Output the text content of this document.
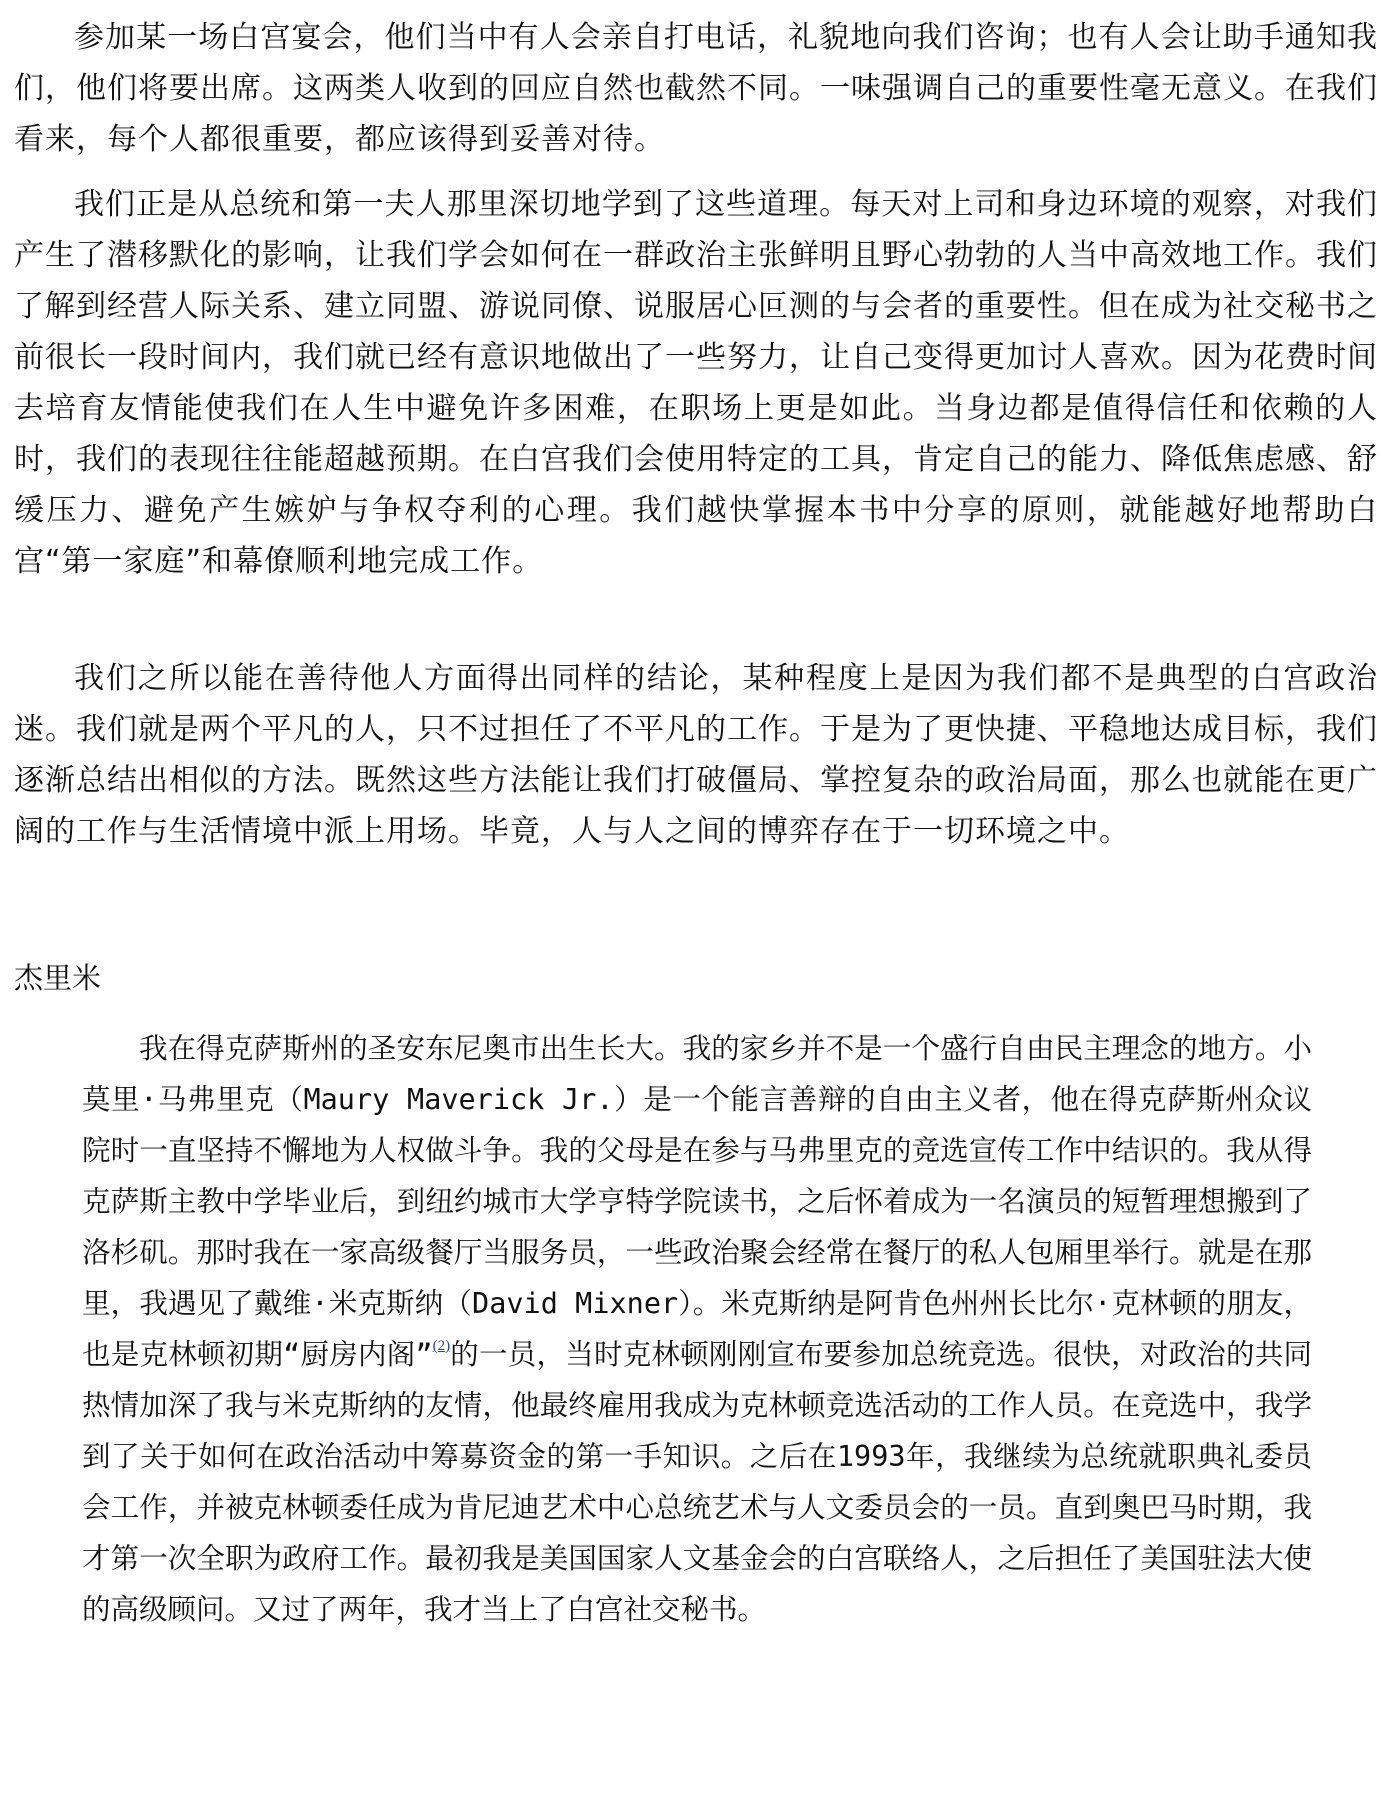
参加某一场白宫宴会，他们当中有人会亲自打电话，礼貌地向我们咨询；也有人会让助手通知我们，他们将要出席。这两类人收到的回应自然也截然不同。一味强调自己的重要性毫无意义。在我们看来，每个人都很重要，都应该得到妥善对待。

我们正是从总统和第一夫人那里深切地学到了这些道理。每天对上司和身边环境的观察，对我们产生了潜移默化的影响，让我们学会如何在一群政治主张鲜明且野心勃勃的人当中高效地工作。我们了解到经营人际关系、建立同盟、游说同僚、说服居心叵测的与会者的重要性。但在成为社交秘书之前很长一段时间内，我们就已经有意识地做出了一些努力，让自己变得更加讨人喜欢。因为花费时间去培育友情能使我们在人生中避免许多困难，在职场上更是如此。当身边都是值得信任和依赖的人时，我们的表现往往能超越预期。在白宫我们会使用特定的工具，肯定自己的能力、降低焦虑感、舒缓压力、避免产生嫉妒与争权夺利的心理。我们越快掌握本书中分享的原则，就能越好地帮助白宫“第一家庭”和幕僚顺利地完成工作。

我们之所以能在善待他人方面得出同样的结论，某种程度上是因为我们都不是典型的白宫政治迷。我们就是两个平凡的人，只不过担任了不平凡的工作。于是为了更快捷、平稳地达成目标，我们逐渐总结出相似的方法。既然这些方法能让我们打破僵局、掌控复杂的政治局面，那么也就能在更广阔的工作与生活情境中派上用场。毕竟，人与人之间的博弈存在于一切环境之中。

杰里米

我在得克萨斯州的圣安东尼奥市出生长大。我的家乡并不是一个盛行自由民主理念的地方。小莫里·马弗里克（Maury Maverick Jr.）是一个能言善辩的自由主义者，他在得克萨斯州众议院时一直坚持不懈地为人权做斗争。我的父母是在参与马弗里克的竞选宣传工作中结识的。我从得克萨斯主教中学毕业后，到纽约城市大学亨特学院读书，之后怀着成为一名演员的短暂理想搬到了洛杉矶。那时我在一家高级餐厅当服务员，一些政治聚会经常在餐厅的私人包厢里举行。就是在那里，我遇见了戴维·米克斯纳（David Mixner）。米克斯纳是阿肯色州州长比尔·克林顿的朋友，也是克林顿初期“厨房内阁”$^{(2)}$的一员，当时克林顿刚刚宣布要参加总统竞选。很快，对政治的共同热情加深了我与米克斯纳的友情，他最终雇用我成为克林顿竞选活动的工作人员。在竞选中，我学到了关于如何在政治活动中筹募资金的第一手知识。之后在1993年，我继续为总统就职典礼委员会工作，并被克林顿委任成为肯尼迪艺术中心总统艺术与人文委员会的一员。直到奥巴马时期，我才第一次全职为政府工作。最初我是美国国家人文基金会的白宫联络人，之后担任了美国驻法大使的高级顾问。又过了两年，我才当上了白宫社交秘书。
